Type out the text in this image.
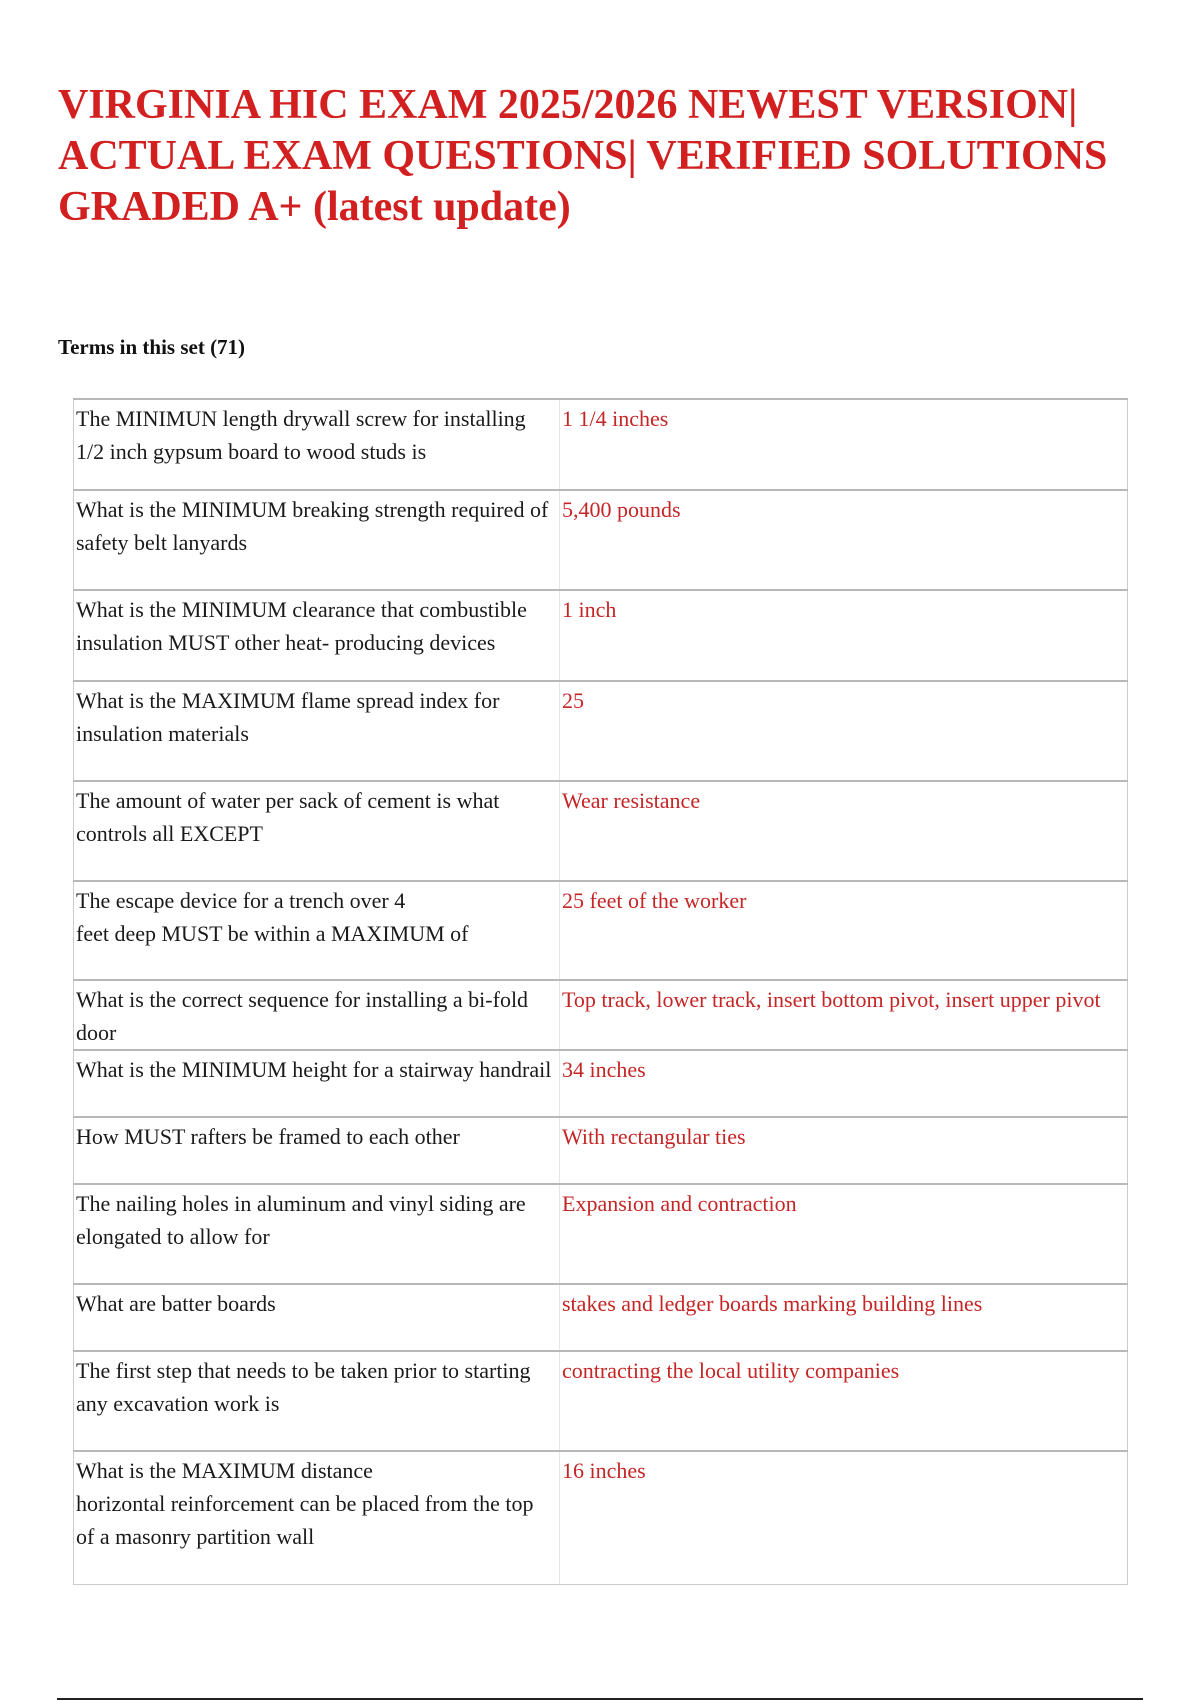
VIRGINIA HIC EXAM 2025/2026 NEWEST VERSION| ACTUAL EXAM QUESTIONS| VERIFIED SOLUTIONS GRADED A+ (latest update)
Terms in this set (71)
The MINIMUN length drywall screw for installing 1/2 inch gypsum board to wood studs is	1 1/4 inches
What is the MINIMUM breaking strength required of safety belt lanyards	5,400 pounds
What is the MINIMUM clearance that combustible insulation MUST other heat- producing devices	1 inch
What is the MAXIMUM flame spread index for insulation materials	25
The amount of water per sack of cement is what controls all EXCEPT	Wear resistance
The escape device for a trench over 4
feet deep MUST be within a MAXIMUM of	25 feet of the worker
What is the correct sequence for installing a bi-fold door	Top track, lower track, insert bottom pivot, insert upper pivot
What is the MINIMUM height for a stairway handrail	34 inches
How MUST rafters be framed to each other	With rectangular ties
The nailing holes in aluminum and vinyl siding are elongated to allow for	Expansion and contraction
What are batter boards	stakes and ledger boards marking building lines
The first step that needs to be taken prior to starting any excavation work is	contracting the local utility companies
What is the MAXIMUM distance
horizontal reinforcement can be placed from the top of a masonry partition wall	16 inches
